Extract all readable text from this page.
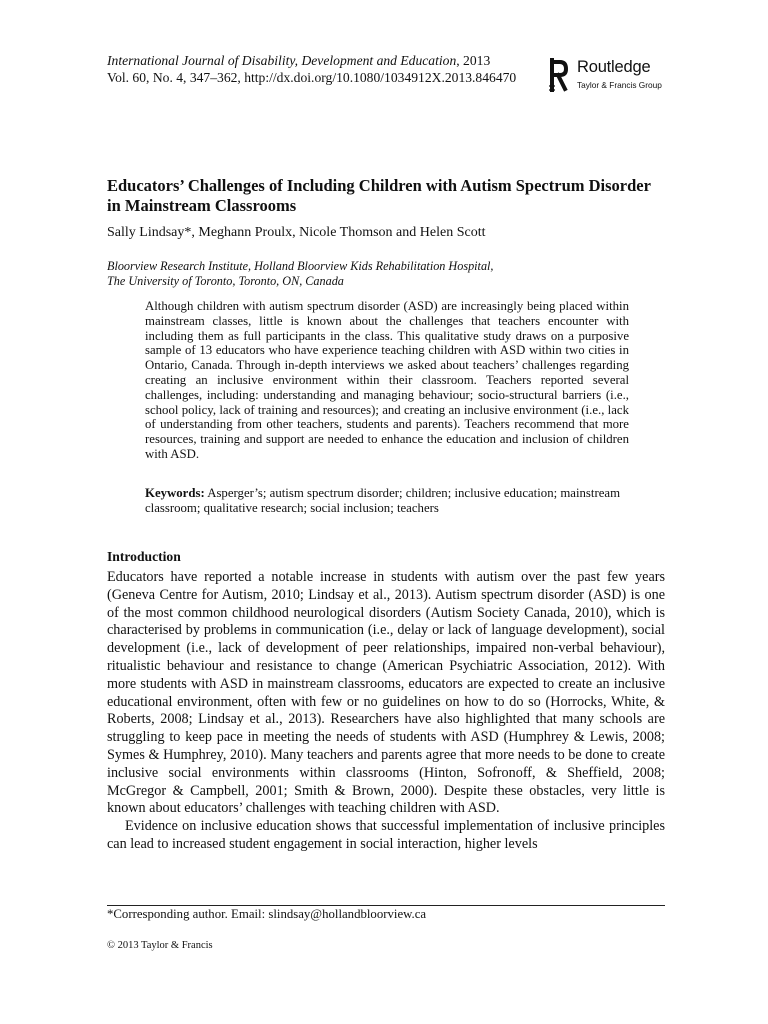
International Journal of Disability, Development and Education, 2013
Vol. 60, No. 4, 347–362, http://dx.doi.org/10.1080/1034912X.2013.846470
Routledge
Taylor & Francis Group
Educators’ Challenges of Including Children with Autism Spectrum Disorder in Mainstream Classrooms
Sally Lindsay*, Meghann Proulx, Nicole Thomson and Helen Scott
Bloorview Research Institute, Holland Bloorview Kids Rehabilitation Hospital,
The University of Toronto, Toronto, ON, Canada

Although children with autism spectrum disorder (ASD) are increasingly being placed within mainstream classes, little is known about the challenges that teachers encounter with including them as full participants in the class. This qualitative study draws on a purposive sample of 13 educators who have experience teaching children with ASD within two cities in Ontario, Canada. Through in-depth interviews we asked about teachers’ challenges regarding creating an inclusive environment within their classroom. Teachers reported several challenges, including: understanding and managing behaviour; socio-structural barriers (i.e., school policy, lack of training and resources); and creating an inclusive environment (i.e., lack of understanding from other teachers, students and parents). Teachers recommend that more resources, training and support are needed to enhance the education and inclusion of children with ASD.

Keywords: Asperger’s; autism spectrum disorder; children; inclusive education; mainstream classroom; qualitative research; social inclusion; teachers
Introduction

Educators have reported a notable increase in students with autism over the past few years (Geneva Centre for Autism, 2010; Lindsay et al., 2013). Autism spectrum disorder (ASD) is one of the most common childhood neurological disorders (Autism Society Canada, 2010), which is characterised by problems in communication (i.e., delay or lack of language development), social development (i.e., lack of development of peer relationships, impaired non-verbal behaviour), ritualistic behaviour and resistance to change (American Psychiatric Association, 2012). With more students with ASD in mainstream classrooms, educators are expected to create an inclusive educational environment, often with few or no guidelines on how to do so (Horrocks, White, & Roberts, 2008; Lindsay et al., 2013). Researchers have also highlighted that many schools are struggling to keep pace in meeting the needs of students with ASD (Humphrey & Lewis, 2008; Symes & Humphrey, 2010). Many teachers and parents agree that more needs to be done to create inclusive social environments within classrooms (Hinton, Sofronoff, & Sheffield, 2008; McGregor & Campbell, 2001; Smith & Brown, 2000). Despite these obstacles, very little is known about educators’ challenges with teaching children with ASD.

Evidence on inclusive education shows that successful implementation of inclusive principles can lead to increased student engagement in social interaction, higher levels

*Corresponding author. Email: slindsay@hollandbloorview.ca
© 2013 Taylor & Francis
